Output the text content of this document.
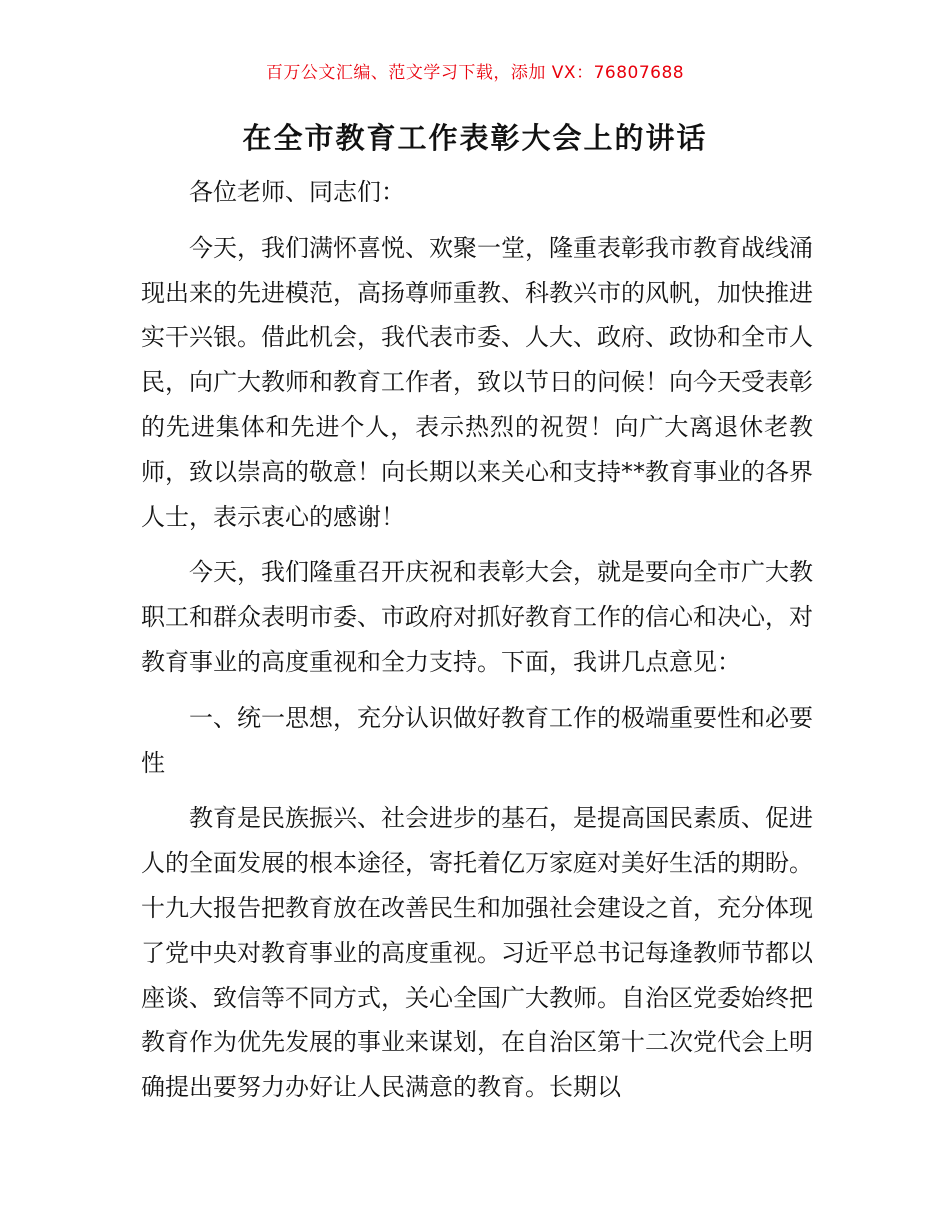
百万公文汇编、范文学习下载，添加 VX：76807688
在全市教育工作表彰大会上的讲话

各位老师、同志们：

今天，我们满怀喜悦、欢聚一堂，隆重表彰我市教育战线涌现出来的先进模范，高扬尊师重教、科教兴市的风帆，加快推进实干兴银。借此机会，我代表市委、人大、政府、政协和全市人民，向广大教师和教育工作者，致以节日的问候！向今天受表彰的先进集体和先进个人，表示热烈的祝贺！向广大离退休老教师，致以崇高的敬意！向长期以来关心和支持**教育事业的各界人士，表示衷心的感谢！

今天，我们隆重召开庆祝和表彰大会，就是要向全市广大教职工和群众表明市委、市政府对抓好教育工作的信心和决心，对教育事业的高度重视和全力支持。下面，我讲几点意见：

一、统一思想，充分认识做好教育工作的极端重要性和必要性

教育是民族振兴、社会进步的基石，是提高国民素质、促进人的全面发展的根本途径，寄托着亿万家庭对美好生活的期盼。十九大报告把教育放在改善民生和加强社会建设之首，充分体现了党中央对教育事业的高度重视。习近平总书记每逢教师节都以座谈、致信等不同方式，关心全国广大教师。自治区党委始终把教育作为优先发展的事业来谋划，在自治区第十二次党代会上明确提出要努力办好让人民满意的教育。长期以
